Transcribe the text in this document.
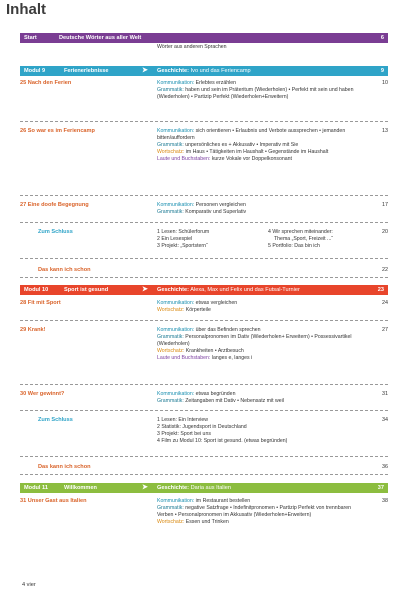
Inhalt
Start	Deutsche Wörter aus aller Welt	6
Wörter aus anderen Sprachen
Modul 9	Ferienerlebnisse	➤ Geschichte: Ivo und das Feriencamp	9
25 Nach den Ferien	10
Kommunikation: Erlebtes erzählen
Grammatik: haben und sein im Präteritum (Wiederholen) • Perfekt mit sein und haben (Wiederholen) • Partizip Perfekt (Wiederholen+Erweitern)
26 So war es im Feriencamp	13
Kommunikation: sich orientieren • Erlaubnis und Verbote aussprechen • jemanden bitten/auffordern
Grammatik: unpersönliches es + Akkusativ • Imperativ mit Sie
Wortschatz: im Haus • Tätigkeiten im Haushalt • Gegenstände im Haushalt
Laute und Buchstaben: kurze Vokale vor Doppelkonsonant
27 Eine doofe Begegnung	17
Kommunikation: Personen vergleichen
Grammatik: Komparativ und Superlativ
Zum Schluss	20
1 Lesen: Schülerforum
2 Ein Lesespiel
3 Projekt: „Sportstern“
4 Wir sprechen miteinander:
Thema „Sport, Freizeit ...“
5 Portfolio: Das bin ich
Das kann ich schon	22
Modul 10	Sport ist gesund	➤ Geschichte: Alexa, Max und Felix und das Futsal-Turnier	23
28 Fit mit Sport	24
Kommunikation: etwas vergleichen
Wortschatz: Körperteile
29 Krank!	27
Kommunikation: über das Befinden sprechen
Grammatik: Personalpronomen im Dativ (Wiederholen+ Erweitern) • Possessivartikel (Wiederholen)
Wortschatz: Krankheiten • Arztbesuch
Laute und Buchstaben: langes e, langes i
30 Wer gewinnt?	31
Kommunikation: etwas begründen
Grammatik: Zeitangaben mit Dativ • Nebensatz mit weil
Zum Schluss	34
1 Lesen: Ein Interview
2 Statistik: Jugendsport in Deutschland
3 Projekt: Sport bei uns
4 Film zu Modul 10: Sport ist gesund. (etwas begründen)
Das kann ich schon	36
Modul 11	Willkommen	➤ Geschichte: Daria aus Italien	37
31 Unser Gast aus Italien	38
Kommunikation: im Restaurant bestellen
Grammatik: negative Satzfrage • Indefinitpronomen • Partizip Perfekt von trennbaren Verben • Personalpronomen im Akkusativ (Wiederholen+Erweitern)
Wortschatz: Essen und Trinken
4 vier
